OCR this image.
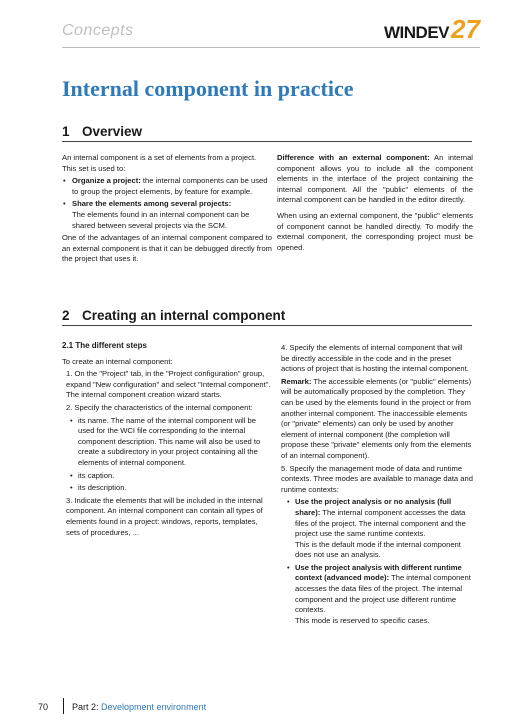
Concepts	WINDEV 27
Internal component in practice
1 Overview

An internal component is a set of elements from a project. This set is used to:

• Organize a project: the internal components can be used to group the project elements, by feature for example.
• Share the elements among several projects:
The elements found in an internal component can be shared between several projects via the SCM.

One of the advantages of an internal component compared to an external component is that it can be debugged directly from the project that uses it.

Difference with an external component: An internal component allows you to include all the component elements in the interface of the project containing the internal component. All the "public" elements of the internal component can be handled in the editor directly.

When using an external component, the "public" elements of component cannot be handled directly. To modify the external component, the corresponding project must be opened.

2 Creating an internal component
2.1 The different steps

To create an internal component:

1. On the "Project" tab, in the "Project configuration" group, expand "New configuration" and select "Internal component". The internal component creation wizard starts.

2. Specify the characteristics of the internal component:

• its name. The name of the internal component will be used for the WCI file corresponding to the internal component description. This name will also be used to create a subdirectory in your project containing all the elements of internal component.
• its caption.
• its description.

3. Indicate the elements that will be included in the internal component. An internal component can contain all types of elements found in a project: windows, reports, templates, sets of procedures, ...

4. Specify the elements of internal component that will be directly accessible in the code and in the preset actions of project that is hosting the internal component.

Remark: The accessible elements (or "public" elements) will be automatically proposed by the completion. They can be used by the elements found in the project or from another internal component. The inaccessible elements (or "private" elements) can only be used by another element of internal component (the completion will propose these "private" elements only from the elements of an internal component).

5. Specify the management mode of data and runtime contexts. Three modes are available to manage data and runtime contexts:

• Use the project analysis or no analysis (full share): The internal component accesses the data files of the project. The internal component and the project use the same runtime contexts.
This is the default mode if the internal component does not use an analysis.
• Use the project analysis with different runtime context (advanced mode): The internal component accesses the data files of the project. The internal component and the project use different runtime contexts.
This mode is reserved to specific cases.
70	Part 2: Development environment
